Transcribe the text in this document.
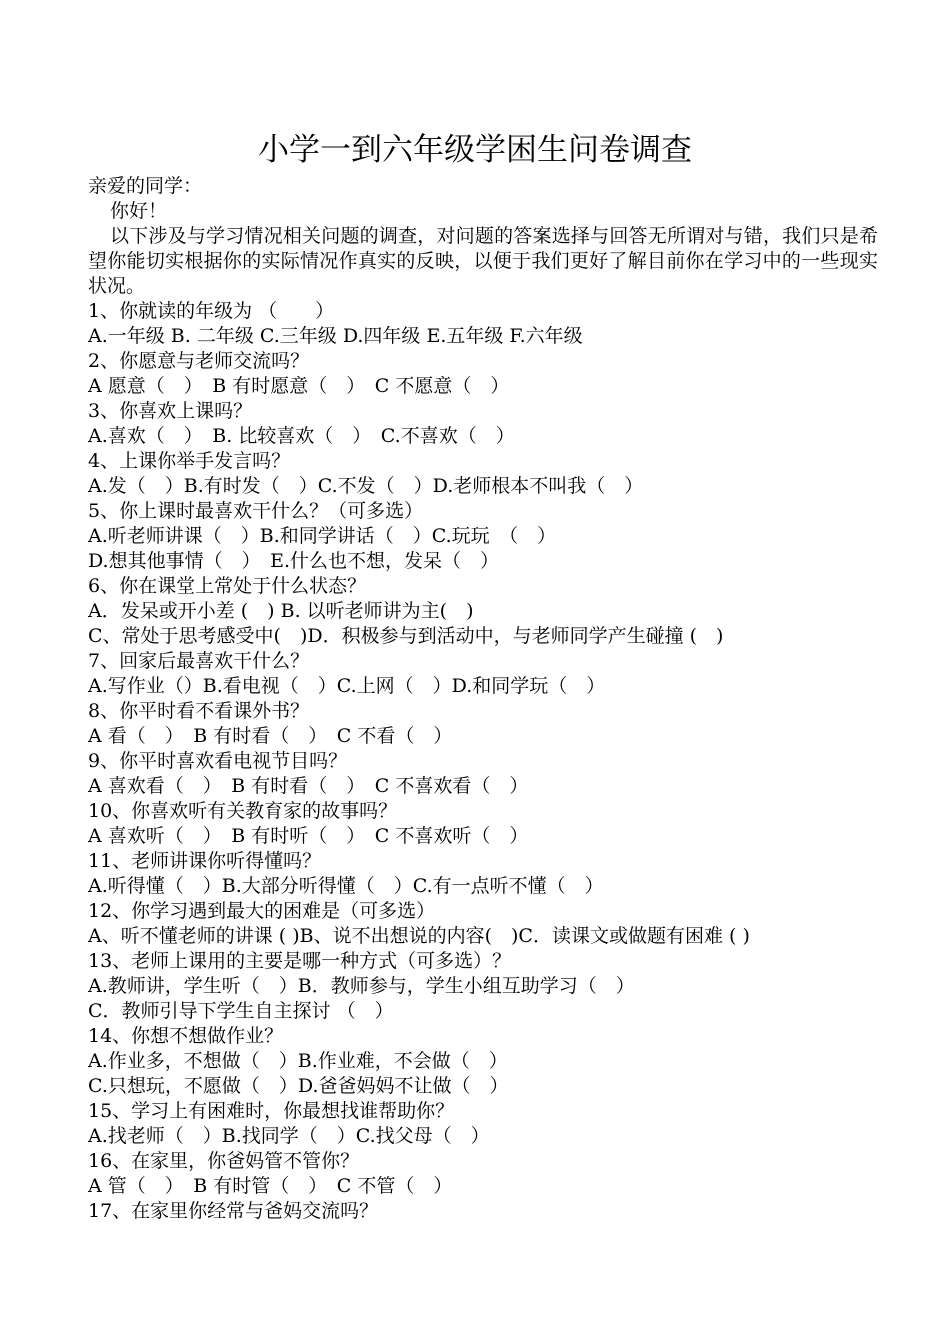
小学一到六年级学困生问卷调查
亲爱的同学：
你好！
以下涉及与学习情况相关问题的调查，对问题的答案选择与回答无所谓对与错，我们只是希望你能切实根据你的实际情况作真实的反映，以便于我们更好了解目前你在学习中的一些现实状况。
1、你就读的年级为 （　　）
A.一年级 B. 二年级 C.三年级 D.四年级 E.五年级 F.六年级
2、你愿意与老师交流吗？
A 愿意（　）　B 有时愿意（　）　C 不愿意（　）
3、你喜欢上课吗？
A.喜欢（　）　B. 比较喜欢（　）　C.不喜欢（　）
4、上课你举手发言吗？
A.发（　）B.有时发（　）C.不发（　）D.老师根本不叫我（　）
5、你上课时最喜欢干什么？（可多选）
A.听老师讲课（　）B.和同学讲话（　）C.玩玩　（　）
D.想其他事情（　）　E.什么也不想，发呆（　）
6、你在课堂上常处于什么状态？
A．发呆或开小差 (　) B. 以听老师讲为主(　)
C、常处于思考感受中(　)D．积极参与到活动中，与老师同学产生碰撞 (　)
7、回家后最喜欢干什么？
A.写作业（）B.看电视（　）C.上网（　）D.和同学玩（　）
8、你平时看不看课外书？
A 看（　）　B 有时看（　）　C 不看（　）
9、你平时喜欢看电视节目吗？
A 喜欢看（　）　B 有时看（　）　C 不喜欢看（　）
10、你喜欢听有关教育家的故事吗？
A 喜欢听（　）　B 有时听（　）　C 不喜欢听（　）
11、老师讲课你听得懂吗？
A.听得懂（　）B.大部分听得懂（　）C.有一点听不懂（　）
12、你学习遇到最大的困难是（可多选）
A、听不懂老师的讲课 ( )B、说不出想说的内容(　)C．读课文或做题有困难 ( )
13、老师上课用的主要是哪一种方式（可多选）？
A.教师讲，学生听（　）B．教师参与，学生小组互助学习（　）
C．教师引导下学生自主探讨 （　）
14、你想不想做作业？
A.作业多，不想做（　）B.作业难，不会做（　）
C.只想玩，不愿做（　）D.爸爸妈妈不让做（　）
15、学习上有困难时，你最想找谁帮助你？
A.找老师（　）B.找同学（　）C.找父母（　）
16、在家里，你爸妈管不管你？
A 管（　）　B 有时管（　）　C 不管（　）
17、在家里你经常与爸妈交流吗？
